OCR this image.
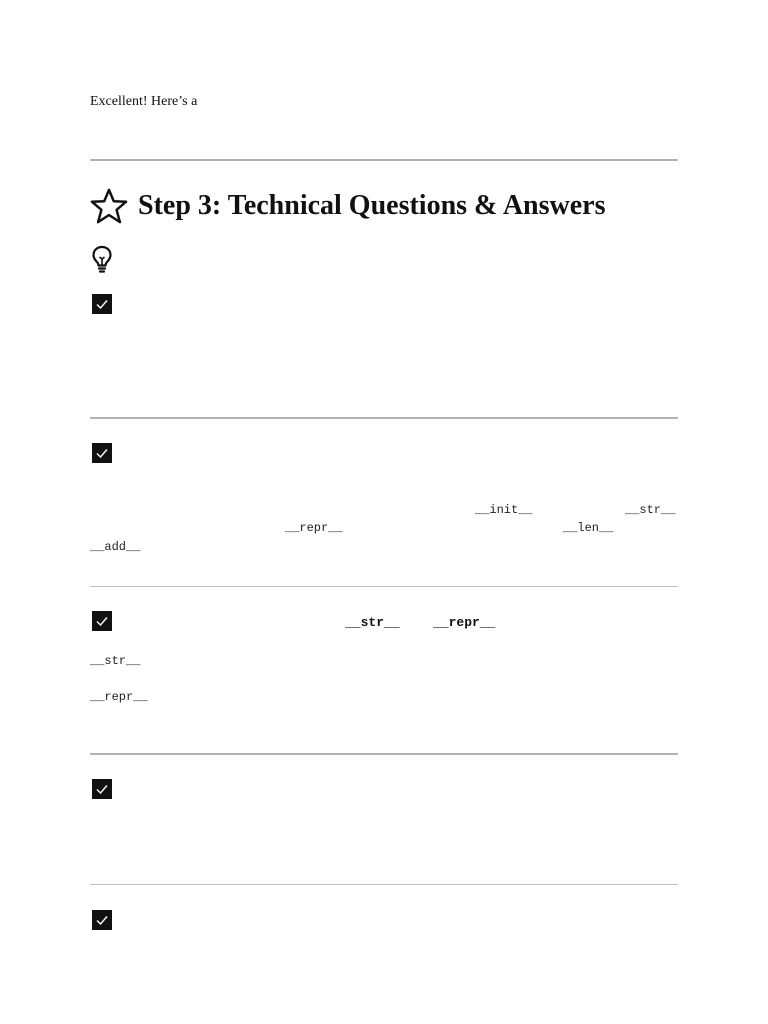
Excellent! Here’s a
Step 3: Technical Questions & Answers
__init__	__str__
__repr__	__len__
__add__
__str__	__repr__
__str__
__repr__
